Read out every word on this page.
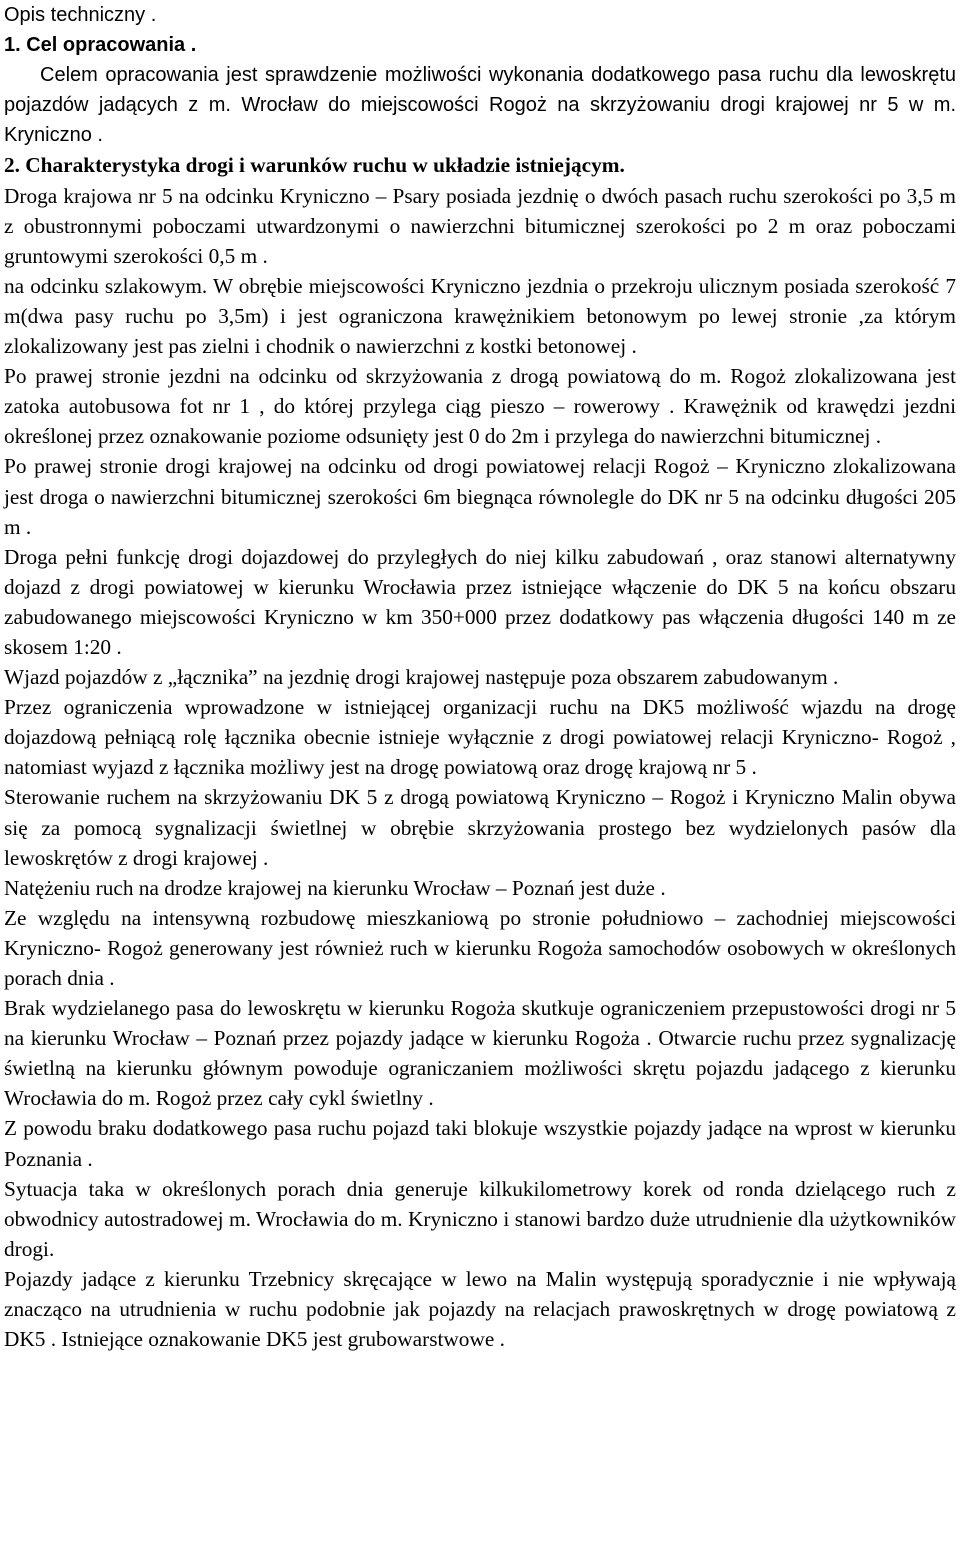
Opis techniczny .

1. Cel opracowania .

Celem opracowania jest sprawdzenie możliwości wykonania dodatkowego pasa ruchu dla lewoskrętu pojazdów jadących z m. Wrocław do miejscowości Rogoż na skrzyżowaniu drogi krajowej nr 5 w m. Kryniczno .

2. Charakterystyka drogi i warunków ruchu w układzie istniejącym.

Droga krajowa nr 5 na odcinku Kryniczno – Psary posiada jezdnię o dwóch pasach ruchu szerokości po 3,5 m z obustronnymi poboczami utwardzonymi o nawierzchni bitumicznej szerokości po 2 m oraz poboczami gruntowymi szerokości 0,5 m .

na odcinku szlakowym. W obrębie miejscowości Kryniczno jezdnia o przekroju ulicznym posiada szerokość 7 m(dwa pasy ruchu po 3,5m) i jest ograniczona krawężnikiem betonowym po lewej stronie ,za którym zlokalizowany jest pas zielni i chodnik o nawierzchni z kostki betonowej .

Po prawej stronie jezdni na odcinku od skrzyżowania z drogą powiatową do m. Rogoż zlokalizowana jest zatoka autobusowa fot nr 1 , do której przylega ciąg pieszo – rowerowy . Krawężnik od krawędzi jezdni określonej przez oznakowanie poziome odsunięty jest 0 do 2m i przylega do nawierzchni bitumicznej .

Po prawej stronie drogi krajowej na odcinku od drogi powiatowej relacji Rogoż – Kryniczno zlokalizowana jest droga o nawierzchni bitumicznej szerokości 6m biegnąca równolegle do DK nr 5 na odcinku długości 205 m .

Droga pełni funkcję drogi dojazdowej do przyległych do niej kilku zabudowań , oraz stanowi alternatywny dojazd z drogi powiatowej w kierunku Wrocławia przez istniejące włączenie do DK 5 na końcu obszaru zabudowanego miejscowości Kryniczno w km 350+000 przez dodatkowy pas włączenia długości 140 m ze skosem 1:20 .

Wjazd pojazdów z „łącznika” na jezdnię drogi krajowej następuje poza obszarem zabudowanym .

Przez ograniczenia wprowadzone w istniejącej organizacji ruchu na DK5 możliwość wjazdu na drogę dojazdową pełniącą rolę łącznika obecnie istnieje wyłącznie z drogi powiatowej relacji Kryniczno- Rogoż , natomiast wyjazd z łącznika możliwy jest na drogę powiatową oraz drogę krajową nr 5 .

Sterowanie ruchem na skrzyżowaniu DK 5 z drogą powiatową Kryniczno – Rogoż i Kryniczno Malin obywa się za pomocą sygnalizacji świetlnej w obrębie skrzyżowania prostego bez wydzielonych pasów dla lewoskrętów z drogi krajowej .

Natężeniu ruch na drodze krajowej na kierunku Wrocław – Poznań jest duże .

Ze względu na intensywną rozbudowę mieszkaniową po stronie południowo – zachodniej miejscowości Kryniczno- Rogoż generowany jest również ruch w kierunku Rogoża samochodów osobowych w określonych porach dnia .

Brak wydzielanego pasa do lewoskrętu w kierunku Rogoża skutkuje ograniczeniem przepustowości drogi nr 5 na kierunku Wrocław – Poznań przez pojazdy jadące w kierunku Rogoża . Otwarcie ruchu przez sygnalizację świetlną na kierunku głównym powoduje ograniczaniem możliwości skrętu pojazdu jadącego z kierunku Wrocławia do m. Rogoż przez cały cykl świetlny .

Z powodu braku dodatkowego pasa ruchu pojazd taki blokuje wszystkie pojazdy jadące na wprost w kierunku Poznania .

Sytuacja taka w określonych porach dnia generuje kilkukilometrowy korek od ronda dzielącego ruch z obwodnicy autostradowej m. Wrocławia do m. Kryniczno i stanowi bardzo duże utrudnienie dla użytkowników drogi.

Pojazdy jadące z kierunku Trzebnicy skręcające w lewo na Malin występują sporadycznie i nie wpływają znacząco na utrudnienia w ruchu podobnie jak pojazdy na relacjach prawoskrętnych w drogę powiatową z DK5 . Istniejące oznakowanie DK5 jest grubowarstwowe .
